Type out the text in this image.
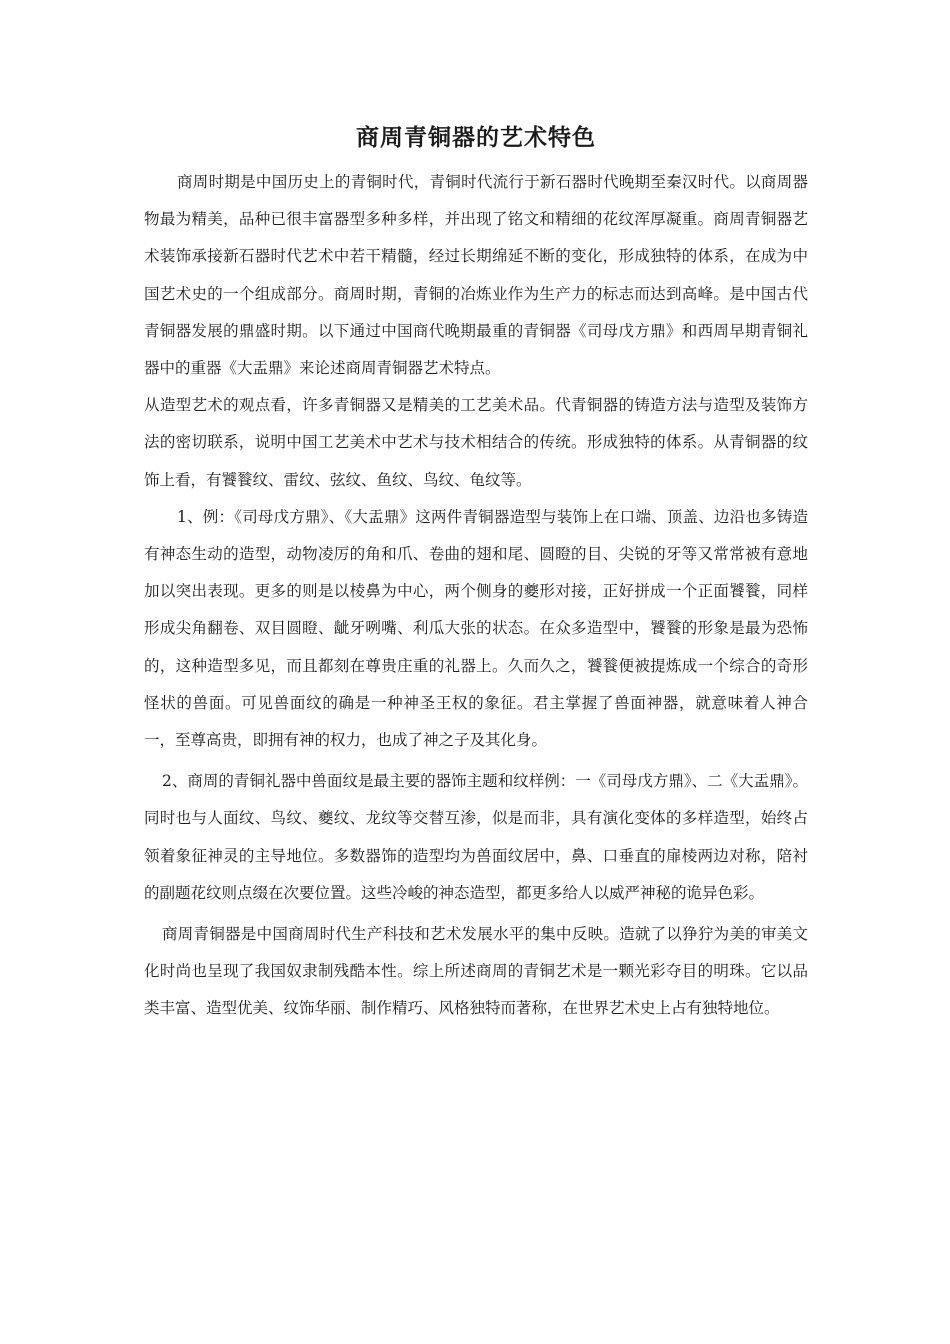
商周青铜器的艺术特色

商周时期是中国历史上的青铜时代，青铜时代流行于新石器时代晚期至秦汉时代。以商周器物最为精美，品种已很丰富器型多种多样，并出现了铭文和精细的花纹浑厚凝重。商周青铜器艺术装饰承接新石器时代艺术中若干精髓，经过长期绵延不断的变化，形成独特的体系，在成为中国艺术史的一个组成部分。商周时期，青铜的冶炼业作为生产力的标志而达到高峰。是中国古代青铜器发展的鼎盛时期。以下通过中国商代晚期最重的青铜器《司母戊方鼎》和西周早期青铜礼器中的重器《大盂鼎》来论述商周青铜器艺术特点。

从造型艺术的观点看，许多青铜器又是精美的工艺美术品。代青铜器的铸造方法与造型及装饰方法的密切联系，说明中国工艺美术中艺术与技术相结合的传统。形成独特的体系。从青铜器的纹饰上看，有饕餮纹、雷纹、弦纹、鱼纹、鸟纹、龟纹等。

1、例：《司母戊方鼎》、《大盂鼎》这两件青铜器造型与装饰上在口端、顶盖、边沿也多铸造有神态生动的造型，动物凌厉的角和爪、卷曲的翅和尾、圆瞪的目、尖锐的牙等又常常被有意地加以突出表现。更多的则是以棱鼻为中心，两个侧身的夔形对接，正好拼成一个正面饕餮，同样形成尖角翻卷、双目圆瞪、龇牙咧嘴、利瓜大张的状态。在众多造型中，饕餮的形象是最为恐怖的，这种造型多见，而且都刻在尊贵庄重的礼器上。久而久之，饕餮便被提炼成一个综合的奇形怪状的兽面。可见兽面纹的确是一种神圣王权的象征。君主掌握了兽面神器，就意味着人神合一，至尊高贵，即拥有神的权力，也成了神之子及其化身。

2、商周的青铜礼器中兽面纹是最主要的器饰主题和纹样例：一《司母戊方鼎》、二《大盂鼎》。同时也与人面纹、鸟纹、夔纹、龙纹等交替互渗，似是而非，具有演化变体的多样造型，始终占领着象征神灵的主导地位。多数器饰的造型均为兽面纹居中，鼻、口垂直的扉棱两边对称，陪衬的副题花纹则点缀在次要位置。这些冷峻的神态造型，都更多给人以威严神秘的诡异色彩。

商周青铜器是中国商周时代生产科技和艺术发展水平的集中反映。造就了以狰狞为美的审美文化时尚也呈现了我国奴隶制残酷本性。综上所述商周的青铜艺术是一颗光彩夺目的明珠。它以品类丰富、造型优美、纹饰华丽、制作精巧、风格独特而著称，在世界艺术史上占有独特地位。
